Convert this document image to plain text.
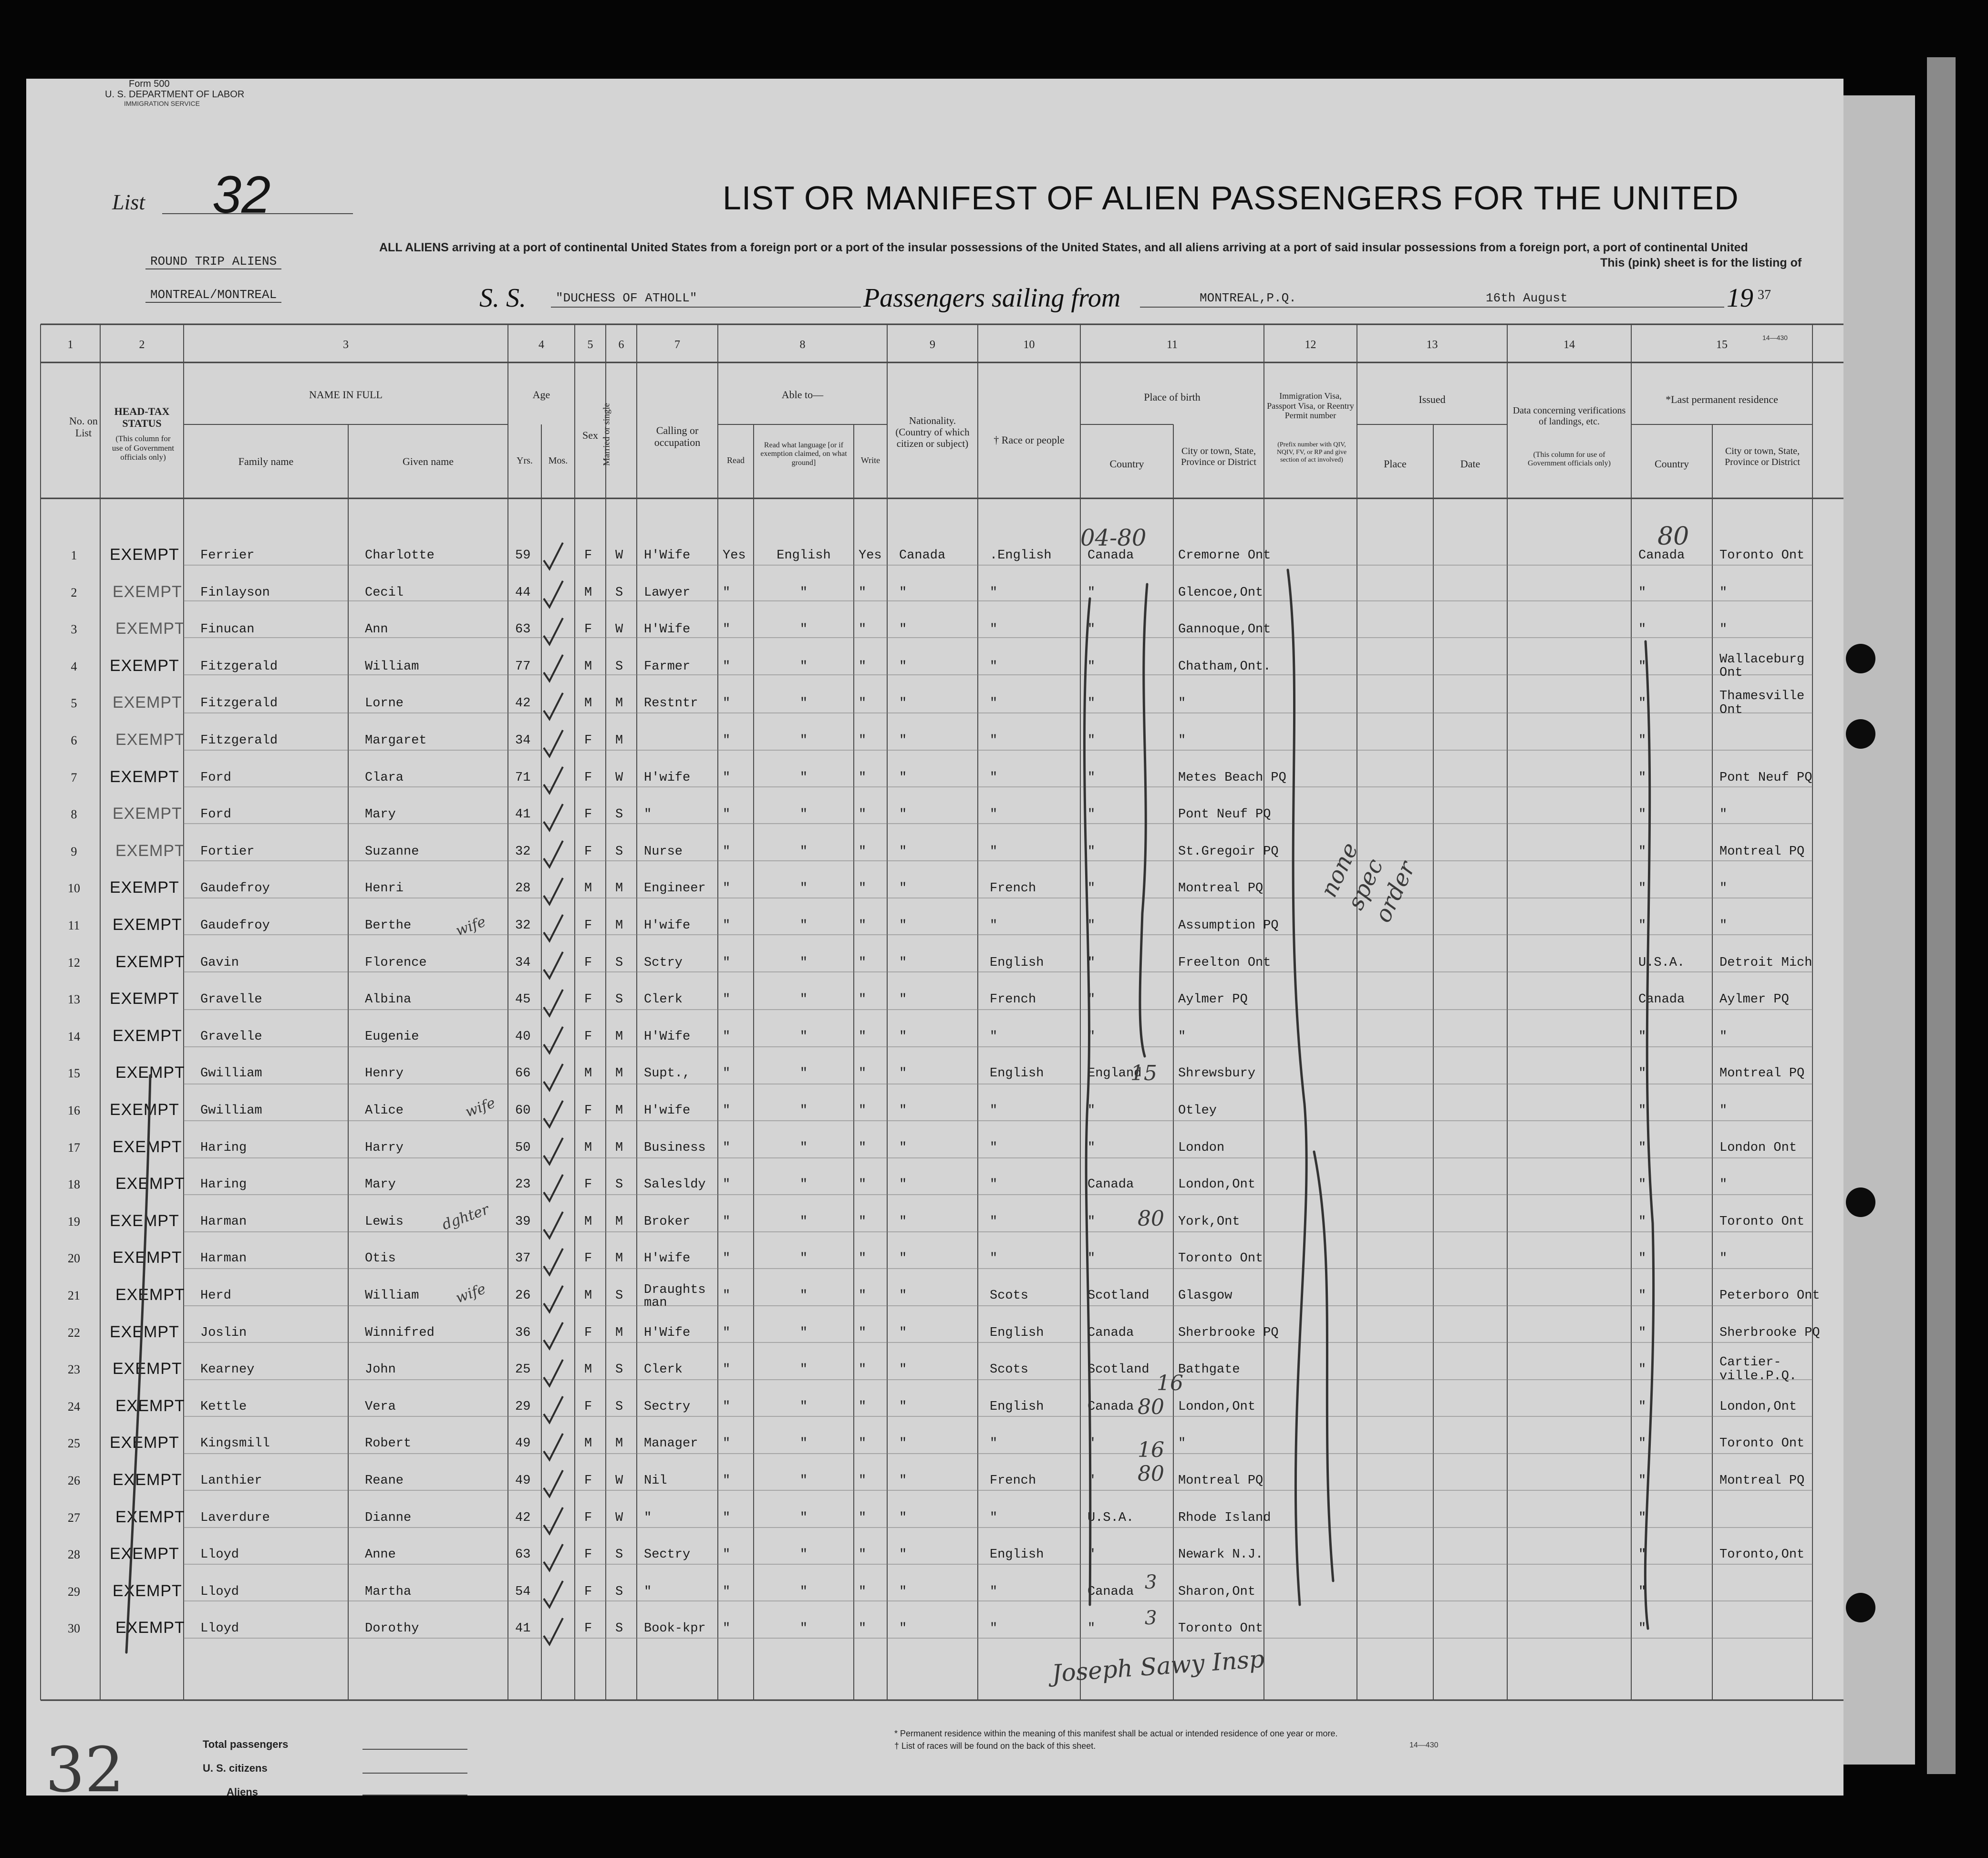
Form 500
U. S. DEPARTMENT OF LABOR
IMMIGRATION SERVICE
List 32
ROUND TRIP ALIENS
MONTREAL/MONTREAL
LIST OR MANIFEST OF ALIEN PASSENGERS FOR THE UNITED
ALL ALIENS arriving at a port of continental United States from a foreign port or a port of the insular possessions of the United States, and all aliens arriving at a port of said insular possessions from a foreign port, a port of continental United
This (pink) sheet is for the listing of
S. S. "DUCHESS OF ATHOLL"	Passengers sailing from	MONTREAL,P.Q.	16th August	19 37
14—430
1	2	3	4	5	6	7	8	9	10	11	12	13	14	15
No. on List
HEAD-TAX STATUS
(This column for use of Government officials only)
NAME IN FULL
Family name	Given name
Age
Yrs.	Mos.
Sex Married or single	Calling or occupation
Able to—
Read
Read what language [or if exemption claimed, on what ground]	Write
Nationality. (Country of which citizen or subject)	† Race or people
Place of birth
Country
City or town, State, Province or District
Immigration Visa, Passport Visa, or Reentry Permit number
(Prefix number with QIV, NQIV, FV, or RP and give section of act involved)
Issued
Place	Date
Data concerning verifications of landings, etc.
(This column for use of Government officials only)
*Last permanent residence
Country
City or town, State, Province or District
EXEMPT
1	Ferrier	Charlotte	59	F W H'Wife	Yes	English	Yes Canada	.English	Canada	Cremorne Ont	Canada	Toronto Ont
EXEMPT
2	Finlayson	Cecil	44	M S Lawyer	"	"	"	"	"	"	Glencoe,Ont	"	"
EXEMPT
3	Finucan	Ann	63	F W H'Wife	"	"	"	"	"	"	Gannoque,Ont	"	"
EXEMPT
4	Fitzgerald	William	77	M S Farmer	"	"	"	"	"	"	Chatham,Ont.	"	Wallaceburg Ont
EXEMPT
5	Fitzgerald	Lorne	42	M M Restntr "	"	"	"	"	"	"	"	Thamesville Ont
EXEMPT
6	Fitzgerald	Margaret	34	F M	"	"	"	"	"	"	"	"
EXEMPT
7	Ford	Clara	71	F W H'wife	"	"	"	"	"	"	Metes Beach PQ	"	Pont Neuf PQ
EXEMPT
8	Ford	Mary	41	F S "	"	"	"	"	"	"	Pont Neuf PQ	"	"
EXEMPT
9	Fortier	Suzanne	32	F S Nurse	"	"	"	"	"	"	St.Gregoir PQ	"	Montreal PQ
EXEMPT
10	Gaudefroy	Henri	28	M M Engineer "	"	"	"	French	"	Montreal PQ	"	"
EXEMPT
11	Gaudefroy	Berthe	32	F M H'wife	"	"	"	"	"	"	Assumption PQ	"	"
EXEMPT
12	Gavin	Florence	34	F S Sctry	"	"	"	"	English	"	Freelton Ont	U.S.A.	Detroit Mich
EXEMPT
13	Gravelle	Albina	45	F S Clerk	"	"	"	"	French	"	Aylmer PQ	Canada	Aylmer PQ
EXEMPT
14	Gravelle	Eugenie	40	F M H'Wife	"	"	"	"	"	"	"	"	"
EXEMPT
15	Gwilliam	Henry	66	M M Supt.,	"	"	"	"	English	England	Shrewsbury	"	Montreal PQ
EXEMPT
16	Gwilliam	Alice	60	F M H'wife	"	"	"	"	"	"	Otley	"	"
EXEMPT
17	Haring	Harry	50	M M Business "	"	"	"	"	"	London	"	London Ont
EXEMPT
18	Haring	Mary	23	F S Salesldy "	"	"	"	"	Canada	London,Ont	"	"
EXEMPT
19	Harman	Lewis	39	M M Broker	"	"	"	"	"	"	York,Ont	"	Toronto Ont
EXEMPT
20	Harman	Otis	37	F M H'wife	"	"	"	"	"	"	Toronto Ont	"	"
EXEMPT
21	Herd	William	26	M S Draughts man	"	"	"	"	Scots	Scotland Glasgow	"	Peterboro Ont
EXEMPT
22	Joslin	Winnifred	36	F M H'Wife	"	"	"	"	English	Canada	Sherbrooke PQ	"	Sherbrooke PQ
EXEMPT
23	Kearney	John	25	M S Clerk	"	"	"	"	Scots	Scotland Bathgate	"	Cartier- ville.P.Q.
EXEMPT
24	Kettle	Vera	29	F S Sectry	"	"	"	"	English	Canada	London,Ont	"	London,Ont
EXEMPT
25	Kingsmill	Robert	49	M M Manager "	"	"	"	"	"	"	"	Toronto Ont
EXEMPT
26	Lanthier	Reane	49	F W Nil	"	"	"	"	French	"	Montreal PQ	"	Montreal PQ
EXEMPT
27	Laverdure	Dianne	42	F W "	"	"	"	"	"	U.S.A.	Rhode Island	"
EXEMPT
28	Lloyd	Anne	63	F S Sectry	"	"	"	"	English	"	Newark N.J.	"	Toronto,Ont
EXEMPT
29	Lloyd	Martha	54	F S "	"	"	"	"	"	Canada	Sharon,Ont	"
EXEMPT
30	Lloyd	Dorothy	41	F S Book-kpr "	"	"	"	"	"	Toronto Ont	"
none spec order
Joseph Sawy Insp
04-80
15
80
16
80
16
80
3
3
80
wife
wife
dghter
wife
32	Total passengers
U. S. citizens
Aliens
* Permanent residence within the meaning of this manifest shall be actual or intended residence of one year or more.
† List of races will be found on the back of this sheet.	14—430
